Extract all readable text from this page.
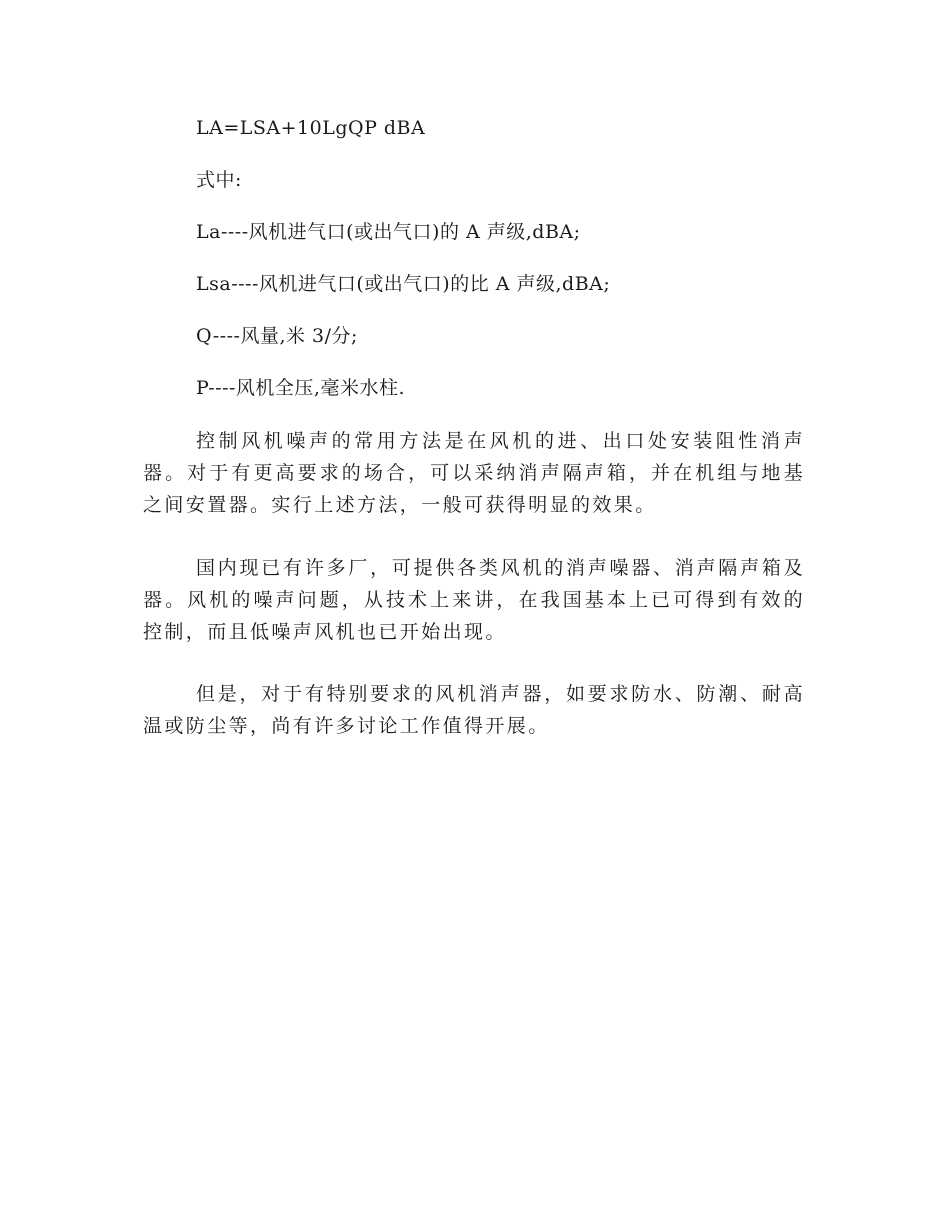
LA=LSA+10LgQP dBA
式中:
La----风机进气口(或出气口)的 A 声级,dBA;
Lsa----风机进气口(或出气口)的比 A 声级,dBA;
Q----风量,米 3/分;
P----风机全压,毫米水柱.
控制风机噪声的常用方法是在风机的进、出口处安装阻性消声器。对于有更高要求的场合，可以采纳消声隔声箱，并在机组与地基之间安置器。实行上述方法，一般可获得明显的效果。
国内现已有许多厂，可提供各类风机的消声噪器、消声隔声箱及器。风机的噪声问题，从技术上来讲，在我国基本上已可得到有效的控制，而且低噪声风机也已开始出现。
但是，对于有特别要求的风机消声器，如要求防水、防潮、耐高温或防尘等，尚有许多讨论工作值得开展。
